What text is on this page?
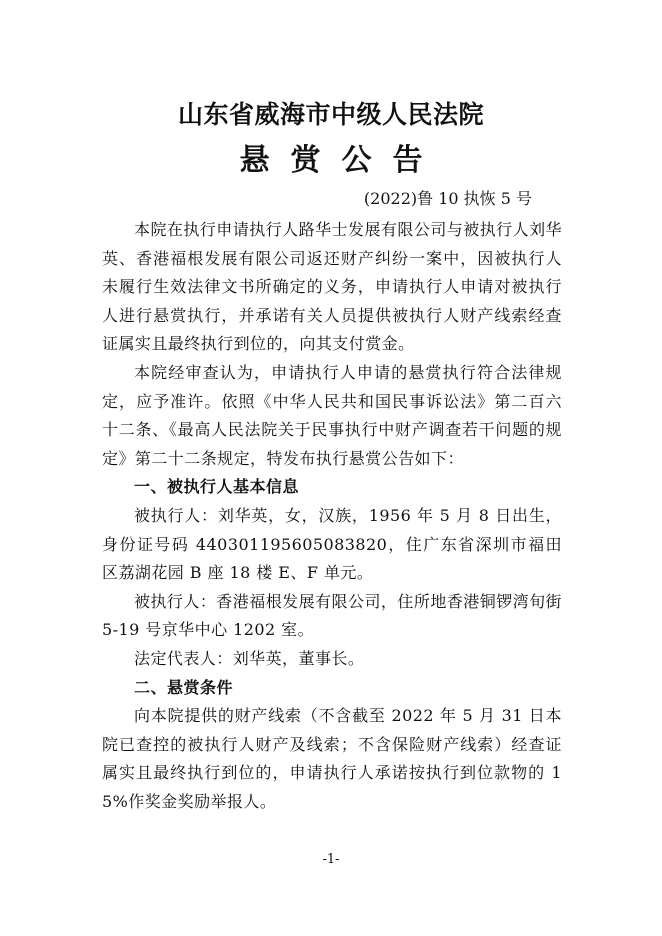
山东省威海市中级人民法院
悬赏公告
(2022)鲁 10 执恢 5 号

本院在执行申请执行人路华士发展有限公司与被执行人刘华英、香港福根发展有限公司返还财产纠纷一案中，因被执行人未履行生效法律文书所确定的义务，申请执行人申请对被执行人进行悬赏执行，并承诺有关人员提供被执行人财产线索经查证属实且最终执行到位的，向其支付赏金。

本院经审查认为，申请执行人申请的悬赏执行符合法律规定，应予准许。依照《中华人民共和国民事诉讼法》第二百六十二条、《最高人民法院关于民事执行中财产调查若干问题的规定》第二十二条规定，特发布执行悬赏公告如下：

一、被执行人基本信息

被执行人：刘华英，女，汉族，1956 年 5 月 8 日出生，身份证号码 440301195605083820，住广东省深圳市福田区荔湖花园 B 座 18 楼 E、F 单元。

被执行人：香港福根发展有限公司，住所地香港铜锣湾旬街 5-19 号京华中心 1202 室。

法定代表人：刘华英，董事长。

二、悬赏条件

向本院提供的财产线索（不含截至 2022 年 5 月 31 日本院已查控的被执行人财产及线索；不含保险财产线索）经查证属实且最终执行到位的，申请执行人承诺按执行到位款物的 15%作奖金奖励举报人。

-1-
